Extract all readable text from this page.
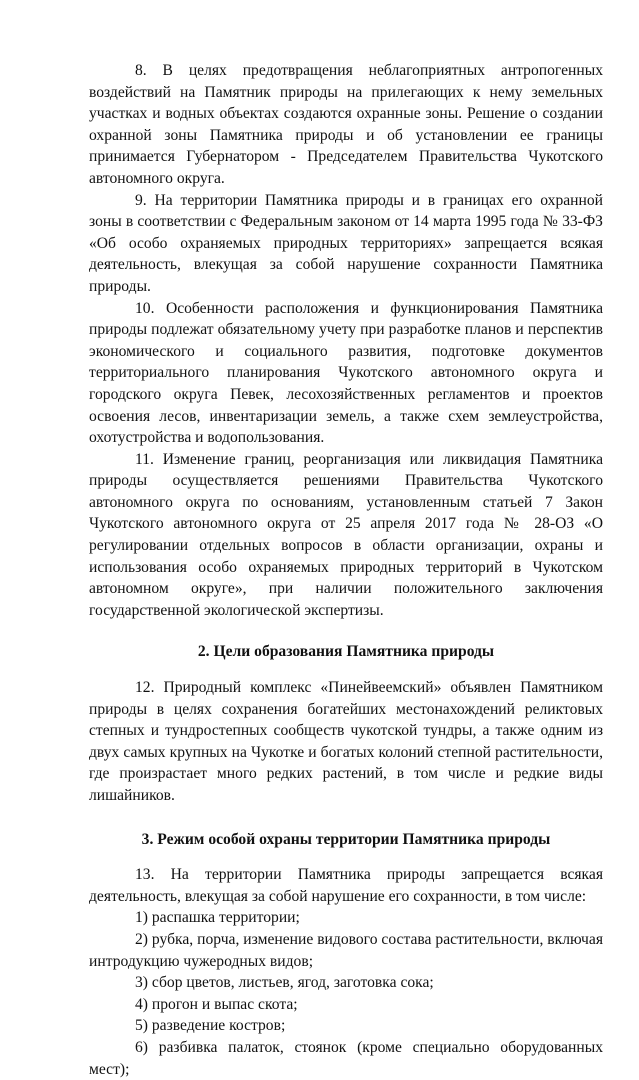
8. В целях предотвращения неблагоприятных антропогенных воздействий на Памятник природы на прилегающих к нему земельных участках и водных объектах создаются охранные зоны. Решение о создании охранной зоны Памятника природы и об установлении ее границы принимается Губернатором - Председателем Правительства Чукотского автономного округа.

9. На территории Памятника природы и в границах его охранной зоны в соответствии с Федеральным законом от 14 марта 1995 года № 33-ФЗ «Об особо охраняемых природных территориях» запрещается всякая деятельность, влекущая за собой нарушение сохранности Памятника природы.

10. Особенности расположения и функционирования Памятника природы подлежат обязательному учету при разработке планов и перспектив экономического и социального развития, подготовке документов территориального планирования Чукотского автономного округа и городского округа Певек, лесохозяйственных регламентов и проектов освоения лесов, инвентаризации земель, а также схем землеустройства, охотустройства и водопользования.

11. Изменение границ, реорганизация или ликвидация Памятника природы осуществляется решениями Правительства Чукотского автономного округа по основаниям, установленным статьей 7 Закон Чукотского автономного округа от 25 апреля 2017 года № 28-ОЗ «О регулировании отдельных вопросов в области организации, охраны и использования особо охраняемых природных территорий в Чукотском автономном округе», при наличии положительного заключения государственной экологической экспертизы.

2. Цели образования Памятника природы

12. Природный комплекс «Пинейвеемский» объявлен Памятником природы в целях сохранения богатейших местонахождений реликтовых степных и тундростепных сообществ чукотской тундры, а также одним из двух самых крупных на Чукотке и богатых колоний степной растительности, где произрастает много редких растений, в том числе и редкие виды лишайников.

3. Режим особой охраны территории Памятника природы

13. На территории Памятника природы запрещается всякая деятельность, влекущая за собой нарушение его сохранности, в том числе:

1) распашка территории;

2) рубка, порча, изменение видового состава растительности, включая интродукцию чужеродных видов;

3) сбор цветов, листьев, ягод, заготовка сока;

4) прогон и выпас скота;

5) разведение костров;

6) разбивка палаток, стоянок (кроме специально оборудованных мест);
